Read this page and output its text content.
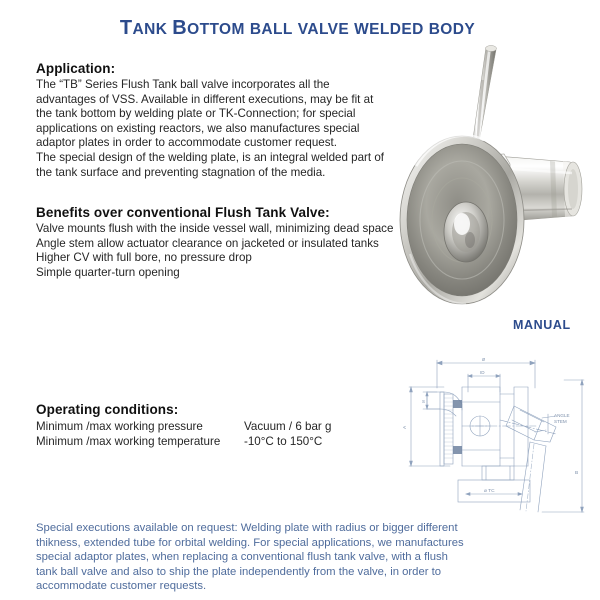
TANK BOTTOM BALL VALVE WELDED BODY
Application:
The “TB” Series Flush Tank ball valve incorporates all the advantages of VSS. Available in different executions, may be fit at the tank bottom by welding plate or TK-Connection; for special applications on existing reactors, we also manufactures special adaptor plates in order to accommodate customer request.
The special design of the welding plate, is an integral welded part of the tank surface and preventing stagnation of the media.
Benefits over conventional Flush Tank Valve:
Valve mounts flush with the inside vessel wall, minimizing dead space
Angle stem allow actuator clearance on jacketed or insulated tanks
Higher CV with full bore, no pressure drop
Simple quarter-turn opening
Operating conditions:
Minimum /max working pressure	Vacuum / 6 bar g
Minimum /max working temperature	-10°C to 150°C
Special executions available on request: Welding plate with radius or bigger different thikness, extended tube for orbital welding. For special applications, we manufactures special adaptor plates, when replacing a conventional flush tank valve, with a flush tank ball valve and also to ship the plate independently from the valve, in order to accommodate customer requests.
MANUAL
ø
ID
A
S
ANGLE
STEM
ø TC
B
